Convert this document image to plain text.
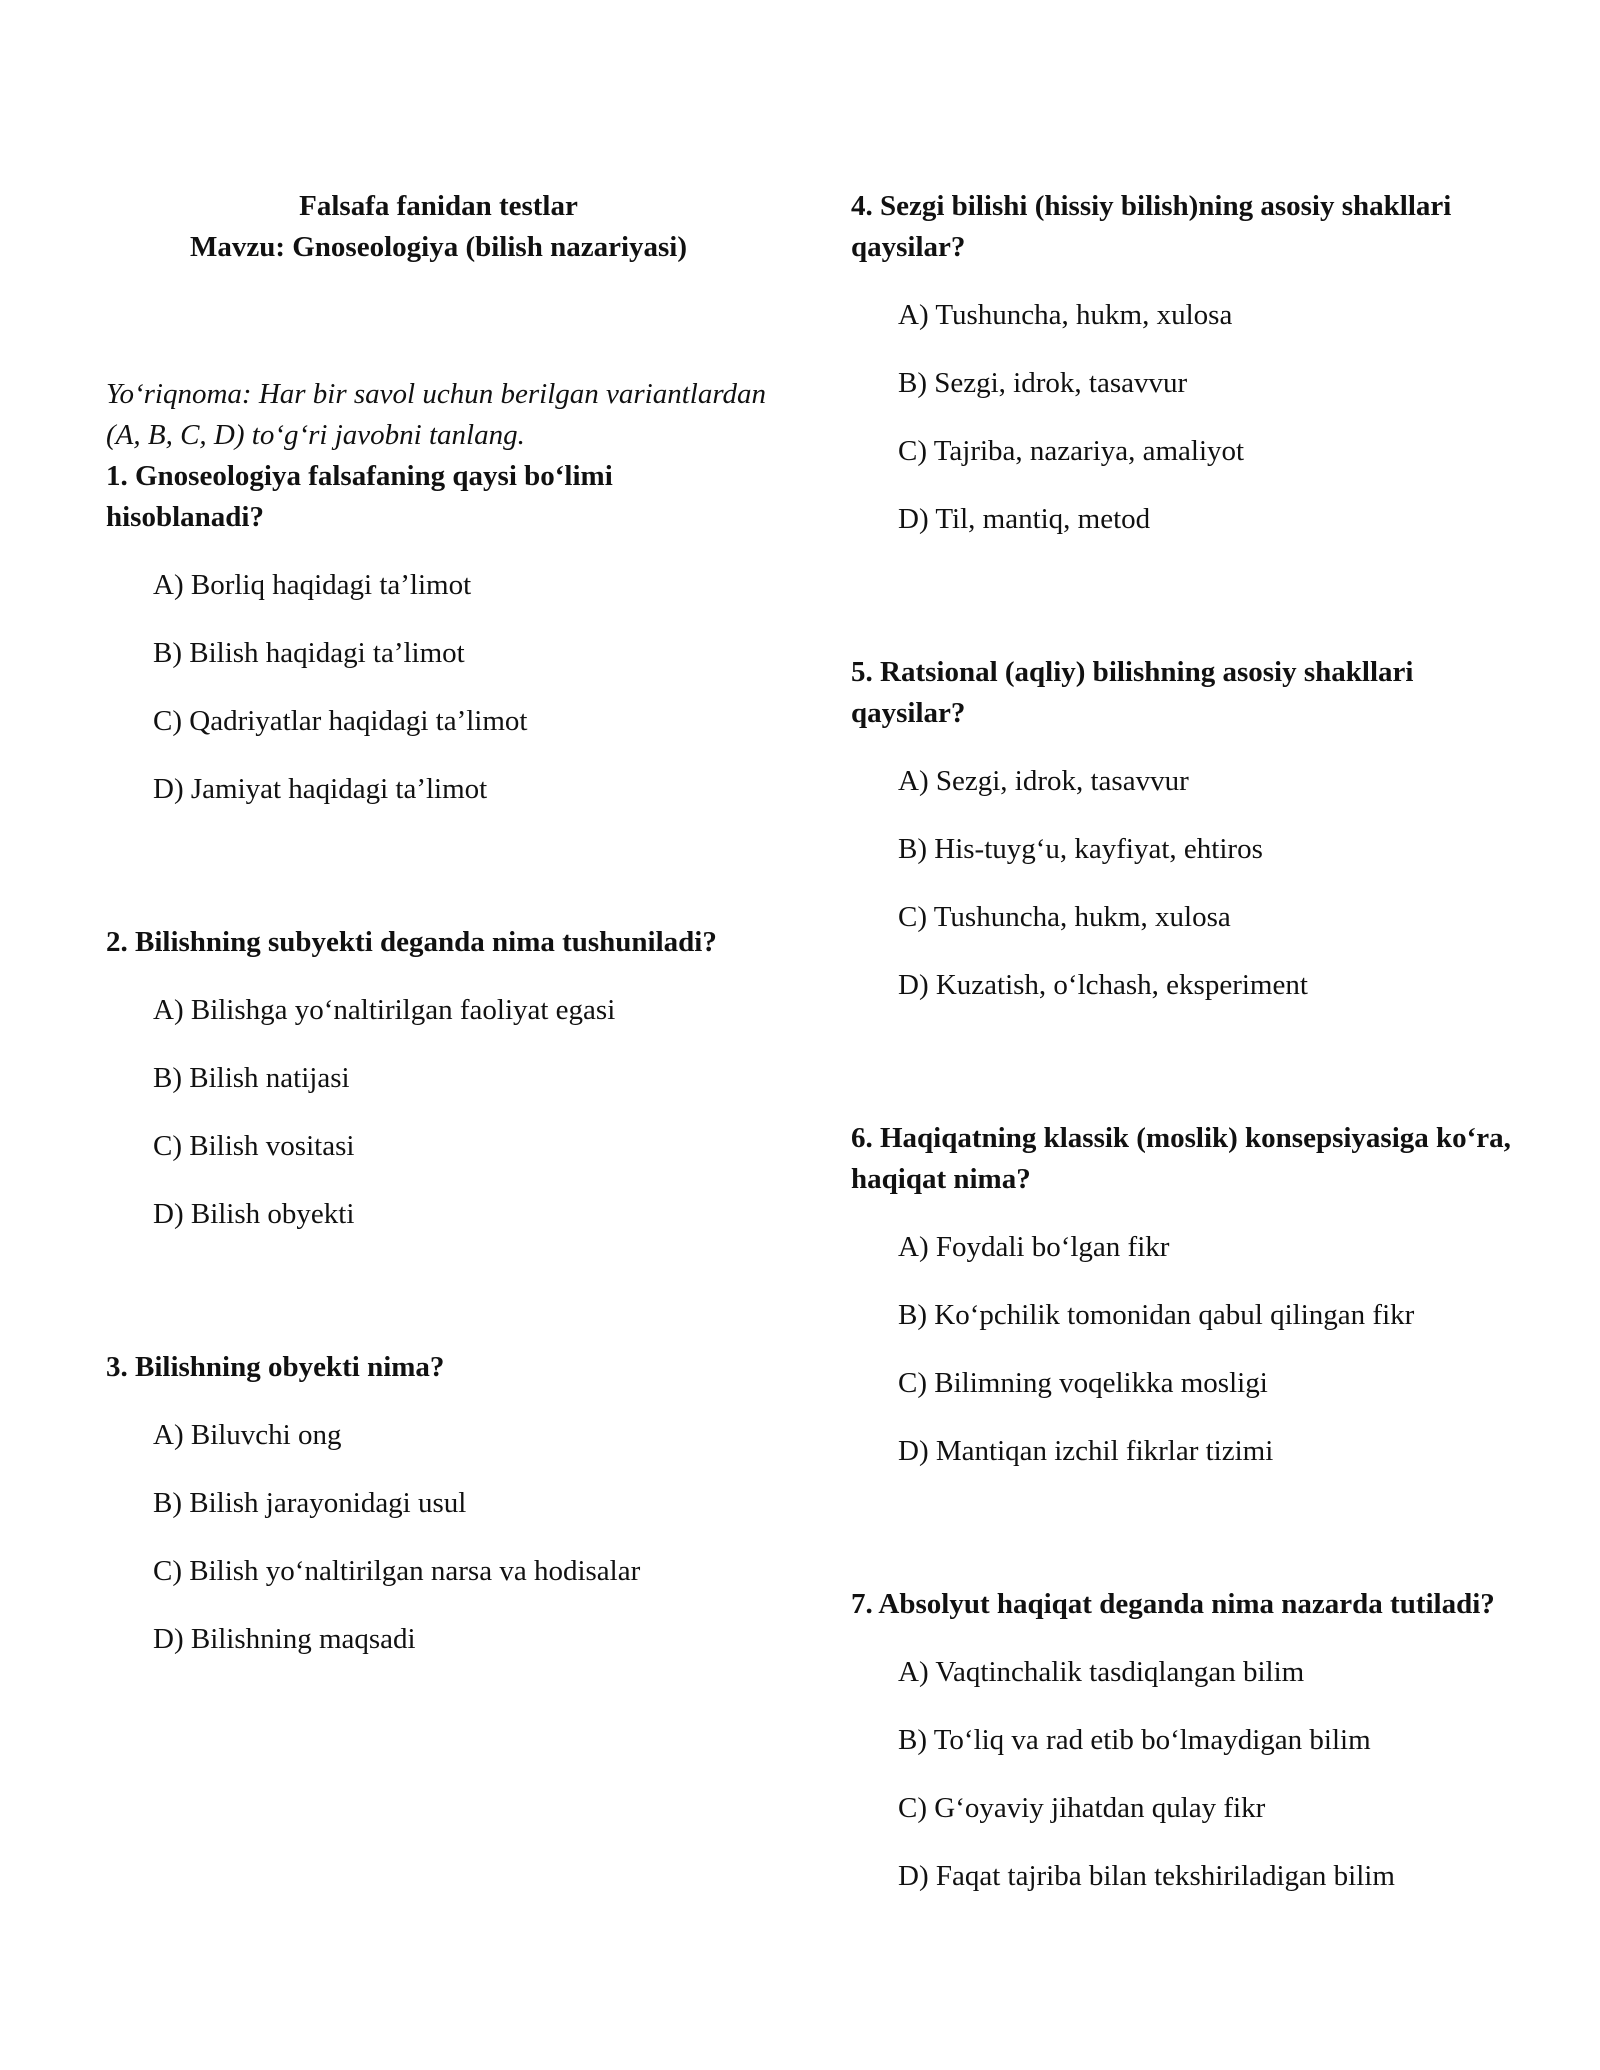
Falsafa fanidan testlar
Mavzu: Gnoseologiya (bilish nazariyasi)
Yo‘riqnoma: Har bir savol uchun berilgan variantlardan (A, B, C, D) to‘g‘ri javobni tanlang.
1. Gnoseologiya falsafaning qaysi bo‘limi hisoblanadi?
A) Borliq haqidagi ta’limot
B) Bilish haqidagi ta’limot
C) Qadriyatlar haqidagi ta’limot
D) Jamiyat haqidagi ta’limot
2. Bilishning subyekti deganda nima tushuniladi?
A) Bilishga yo‘naltirilgan faoliyat egasi
B) Bilish natijasi
C) Bilish vositasi
D) Bilish obyekti
3. Bilishning obyekti nima?
A) Biluvchi ong
B) Bilish jarayonidagi usul
C) Bilish yo‘naltirilgan narsa va hodisalar
D) Bilishning maqsadi
4. Sezgi bilishi (hissiy bilish)ning asosiy shakllari qaysilar?
A) Tushuncha, hukm, xulosa
B) Sezgi, idrok, tasavvur
C) Tajriba, nazariya, amaliyot
D) Til, mantiq, metod
5. Ratsional (aqliy) bilishning asosiy shakllari qaysilar?
A) Sezgi, idrok, tasavvur
B) His-tuyg‘u, kayfiyat, ehtiros
C) Tushuncha, hukm, xulosa
D) Kuzatish, o‘lchash, eksperiment
6. Haqiqatning klassik (moslik) konsepsiyasiga ko‘ra, haqiqat nima?
A) Foydali bo‘lgan fikr
B) Ko‘pchilik tomonidan qabul qilingan fikr
C) Bilimning voqelikka mosligi
D) Mantiqan izchil fikrlar tizimi
7. Absolyut haqiqat deganda nima nazarda tutiladi?
A) Vaqtinchalik tasdiqlangan bilim
B) To‘liq va rad etib bo‘lmaydigan bilim
C) G‘oyaviy jihatdan qulay fikr
D) Faqat tajriba bilan tekshiriladigan bilim
